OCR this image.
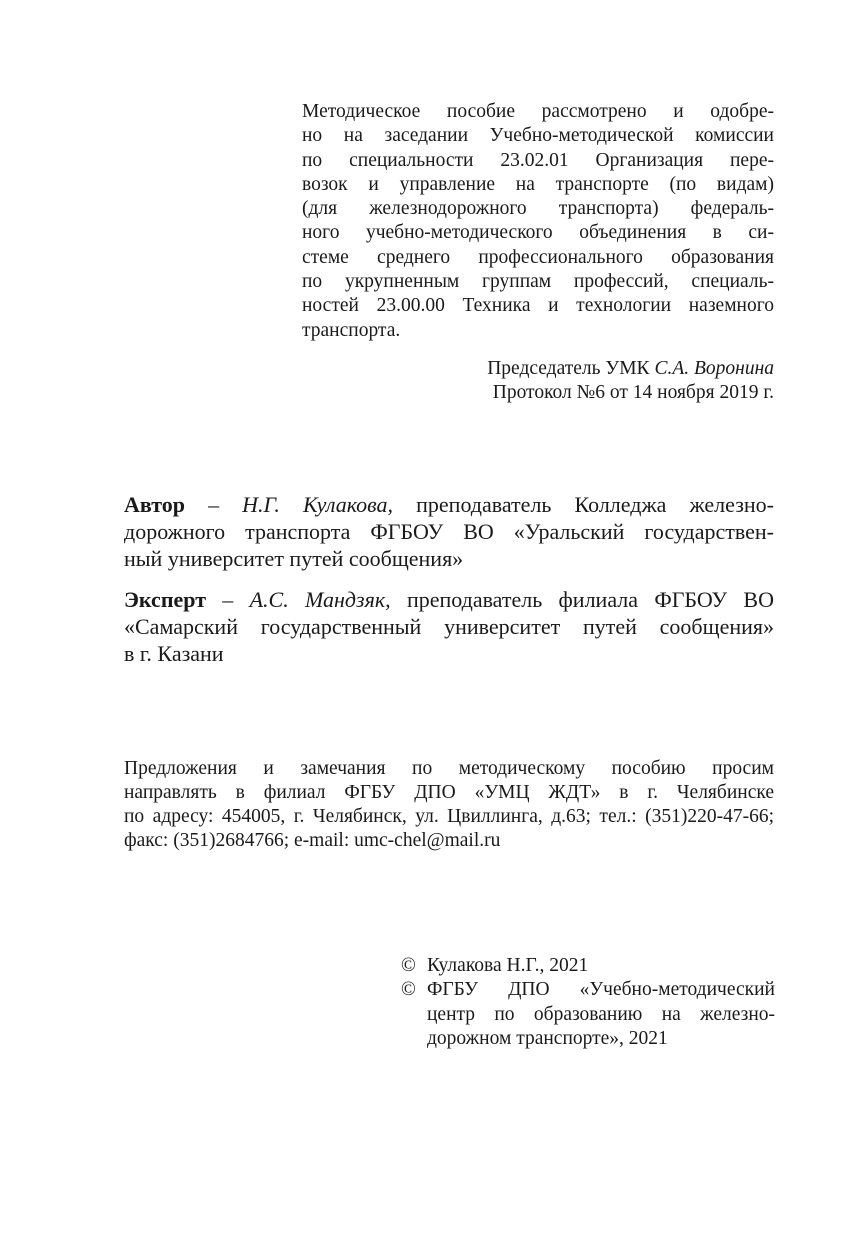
Методическое пособие рассмотрено и одобре-
но на заседании Учебно-методической комиссии
по специальности 23.02.01 Организация пере-
возок и управление на транспорте (по видам)
(для железнодорожного транспорта) федераль-
ного учебно-методического объединения в си-
стеме среднего профессионального образования
по укрупненным группам профессий, специаль-
ностей 23.00.00 Техника и технологии наземного
транспорта.
Председатель УМК С.А. Воронина
Протокол №6 от 14 ноября 2019 г.
Автор – Н.Г. Кулакова, преподаватель Колледжа железно-
дорожного транспорта ФГБОУ ВО «Уральский государствен-
ный университет путей сообщения»
Эксперт – А.С. Мандзяк, преподаватель филиала ФГБОУ ВО
«Самарский государственный университет путей сообщения»
в г. Казани
Предложения и замечания по методическому пособию просим
направлять в филиал ФГБУ ДПО «УМЦ ЖДТ» в г. Челябинске
по адресу: 454005, г. Челябинск, ул. Цвиллинга, д.63; тел.: (351)220-47-66;
факс: (351)2684766; e-mail: umc-chel@mail.ru
© Кулакова Н.Г., 2021
© ФГБУ ДПО «Учебно-методический
центр по образованию на железно-
дорожном транспорте», 2021
